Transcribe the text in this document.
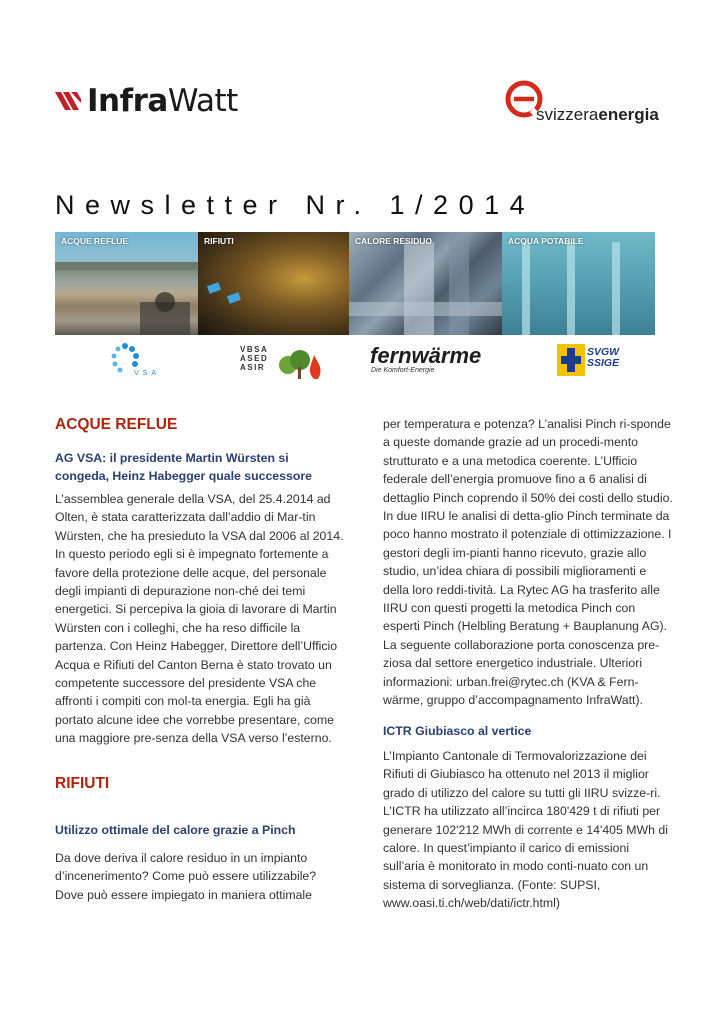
InfraWatt	svizzeraenergia
Newsletter Nr. 1/2014
ACQUE REFLUE	RIFIUTI	CALORE RESIDUO	ACQUA POTABILE
VSA
VBSA
ASED
ASIR	fernwärme
Die Komfort-Energie
SVGW
SSIGE
ACQUE REFLUE
AG VSA: il presidente Martin Würsten si congeda, Heinz Habegger quale successore

L’assemblea generale della VSA, del 25.4.2014 ad Olten, è stata caratterizzata dall’addio di Mar-tin Würsten, che ha presieduto la VSA dal 2006 al 2014. In questo periodo egli si è impegnato fortemente a favore della protezione delle acque, del personale degli impianti di depurazione non-ché dei temi energetici. Si percepiva la gioia di lavorare di Martin Würsten con i colleghi, che ha reso difficile la partenza. Con Heinz Habegger, Direttore dell’Ufficio Acqua e Rifiuti del Canton Berna è stato trovato un competente successore del presidente VSA che affronti i compiti con mol-ta energia. Egli ha già portato alcune idee che vorrebbe presentare, come una maggiore pre-senza della VSA verso l’esterno.

RIFIUTI
Utilizzo ottimale del calore grazie a Pinch

Da dove deriva il calore residuo in un impianto d’incenerimento? Come può essere utilizzabile? Dove può essere impiegato in maniera ottimale

per temperatura e potenza? L’analisi Pinch ri-sponde a queste domande grazie ad un procedi-mento strutturato e a una metodica coerente. L’Ufficio federale dell’energia promuove fino a 6 analisi di dettaglio Pinch coprendo il 50% dei costi dello studio. In due IIRU le analisi di detta-glio Pinch terminate da poco hanno mostrato il potenziale di ottimizzazione. I gestori degli im-pianti hanno ricevuto, grazie allo studio, un’idea chiara di possibili miglioramenti e della loro reddi-tività. La Rytec AG ha trasferito alle IIRU con questi progetti la metodica Pinch con esperti Pinch (Helbling Beratung + Bauplanung AG). La seguente collaborazione porta conoscenza pre-ziosa dal settore energetico industriale. Ulteriori informazioni: urban.frei@rytec.ch (KVA & Fern-wärme, gruppo d’accompagnamento InfraWatt).

ICTR Giubiasco al vertice

L’Impianto Cantonale di Termovalorizzazione dei Rifiuti di Giubiasco ha ottenuto nel 2013 il miglior grado di utilizzo del calore su tutti gli IIRU svizze-ri. L’ICTR ha utilizzato all’incirca 180'429 t di rifiuti per generare 102'212 MWh di corrente e 14'405 MWh di calore. In quest’impianto il carico di emissioni sull’aria è monitorato in modo conti-nuato con un sistema di sorveglianza. (Fonte: SUPSI, www.oasi.ti.ch/web/dati/ictr.html)
